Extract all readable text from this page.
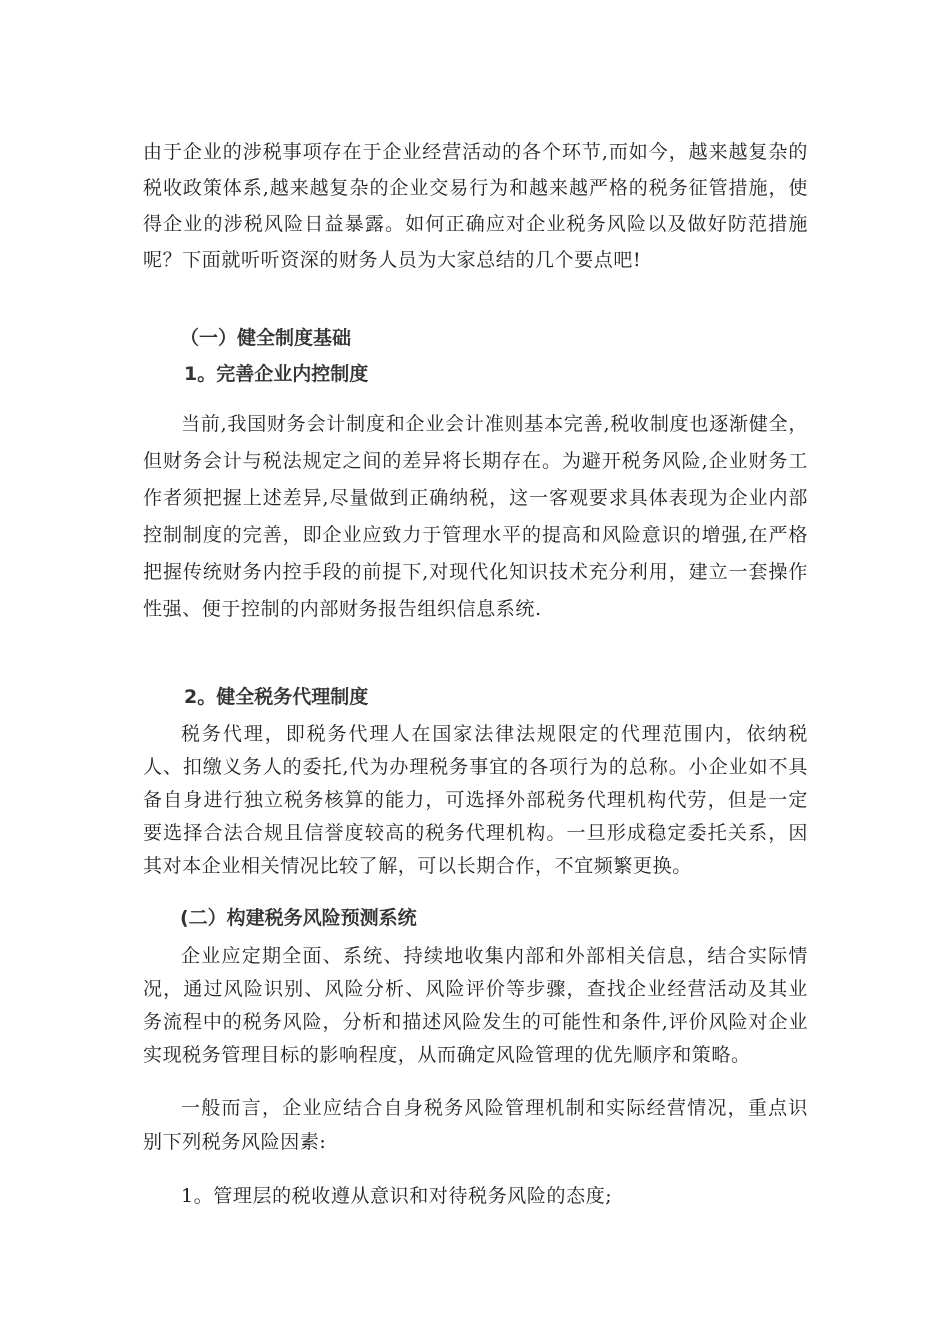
由于企业的涉税事项存在于企业经营活动的各个环节,而如今，越来越复杂的税收政策体系,越来越复杂的企业交易行为和越来越严格的税务征管措施，使得企业的涉税风险日益暴露。如何正确应对企业税务风险以及做好防范措施呢？下面就听听资深的财务人员为大家总结的几个要点吧!

（一）健全制度基础

1。完善企业内控制度

当前,我国财务会计制度和企业会计准则基本完善,税收制度也逐渐健全，但财务会计与税法规定之间的差异将长期存在。为避开税务风险,企业财务工作者须把握上述差异,尽量做到正确纳税，这一客观要求具体表现为企业内部控制制度的完善，即企业应致力于管理水平的提高和风险意识的增强,在严格把握传统财务内控手段的前提下,对现代化知识技术充分利用，建立一套操作性强、便于控制的内部财务报告组织信息系统.

2。健全税务代理制度

税务代理，即税务代理人在国家法律法规限定的代理范围内，依纳税人、扣缴义务人的委托,代为办理税务事宜的各项行为的总称。小企业如不具备自身进行独立税务核算的能力，可选择外部税务代理机构代劳，但是一定要选择合法合规且信誉度较高的税务代理机构。一旦形成稳定委托关系，因其对本企业相关情况比较了解，可以长期合作，不宜频繁更换。

(二）构建税务风险预测系统

企业应定期全面、系统、持续地收集内部和外部相关信息，结合实际情况，通过风险识别、风险分析、风险评价等步骤，查找企业经营活动及其业务流程中的税务风险，分析和描述风险发生的可能性和条件,评价风险对企业实现税务管理目标的影响程度，从而确定风险管理的优先顺序和策略。

一般而言，企业应结合自身税务风险管理机制和实际经营情况，重点识别下列税务风险因素:

1。管理层的税收遵从意识和对待税务风险的态度;
